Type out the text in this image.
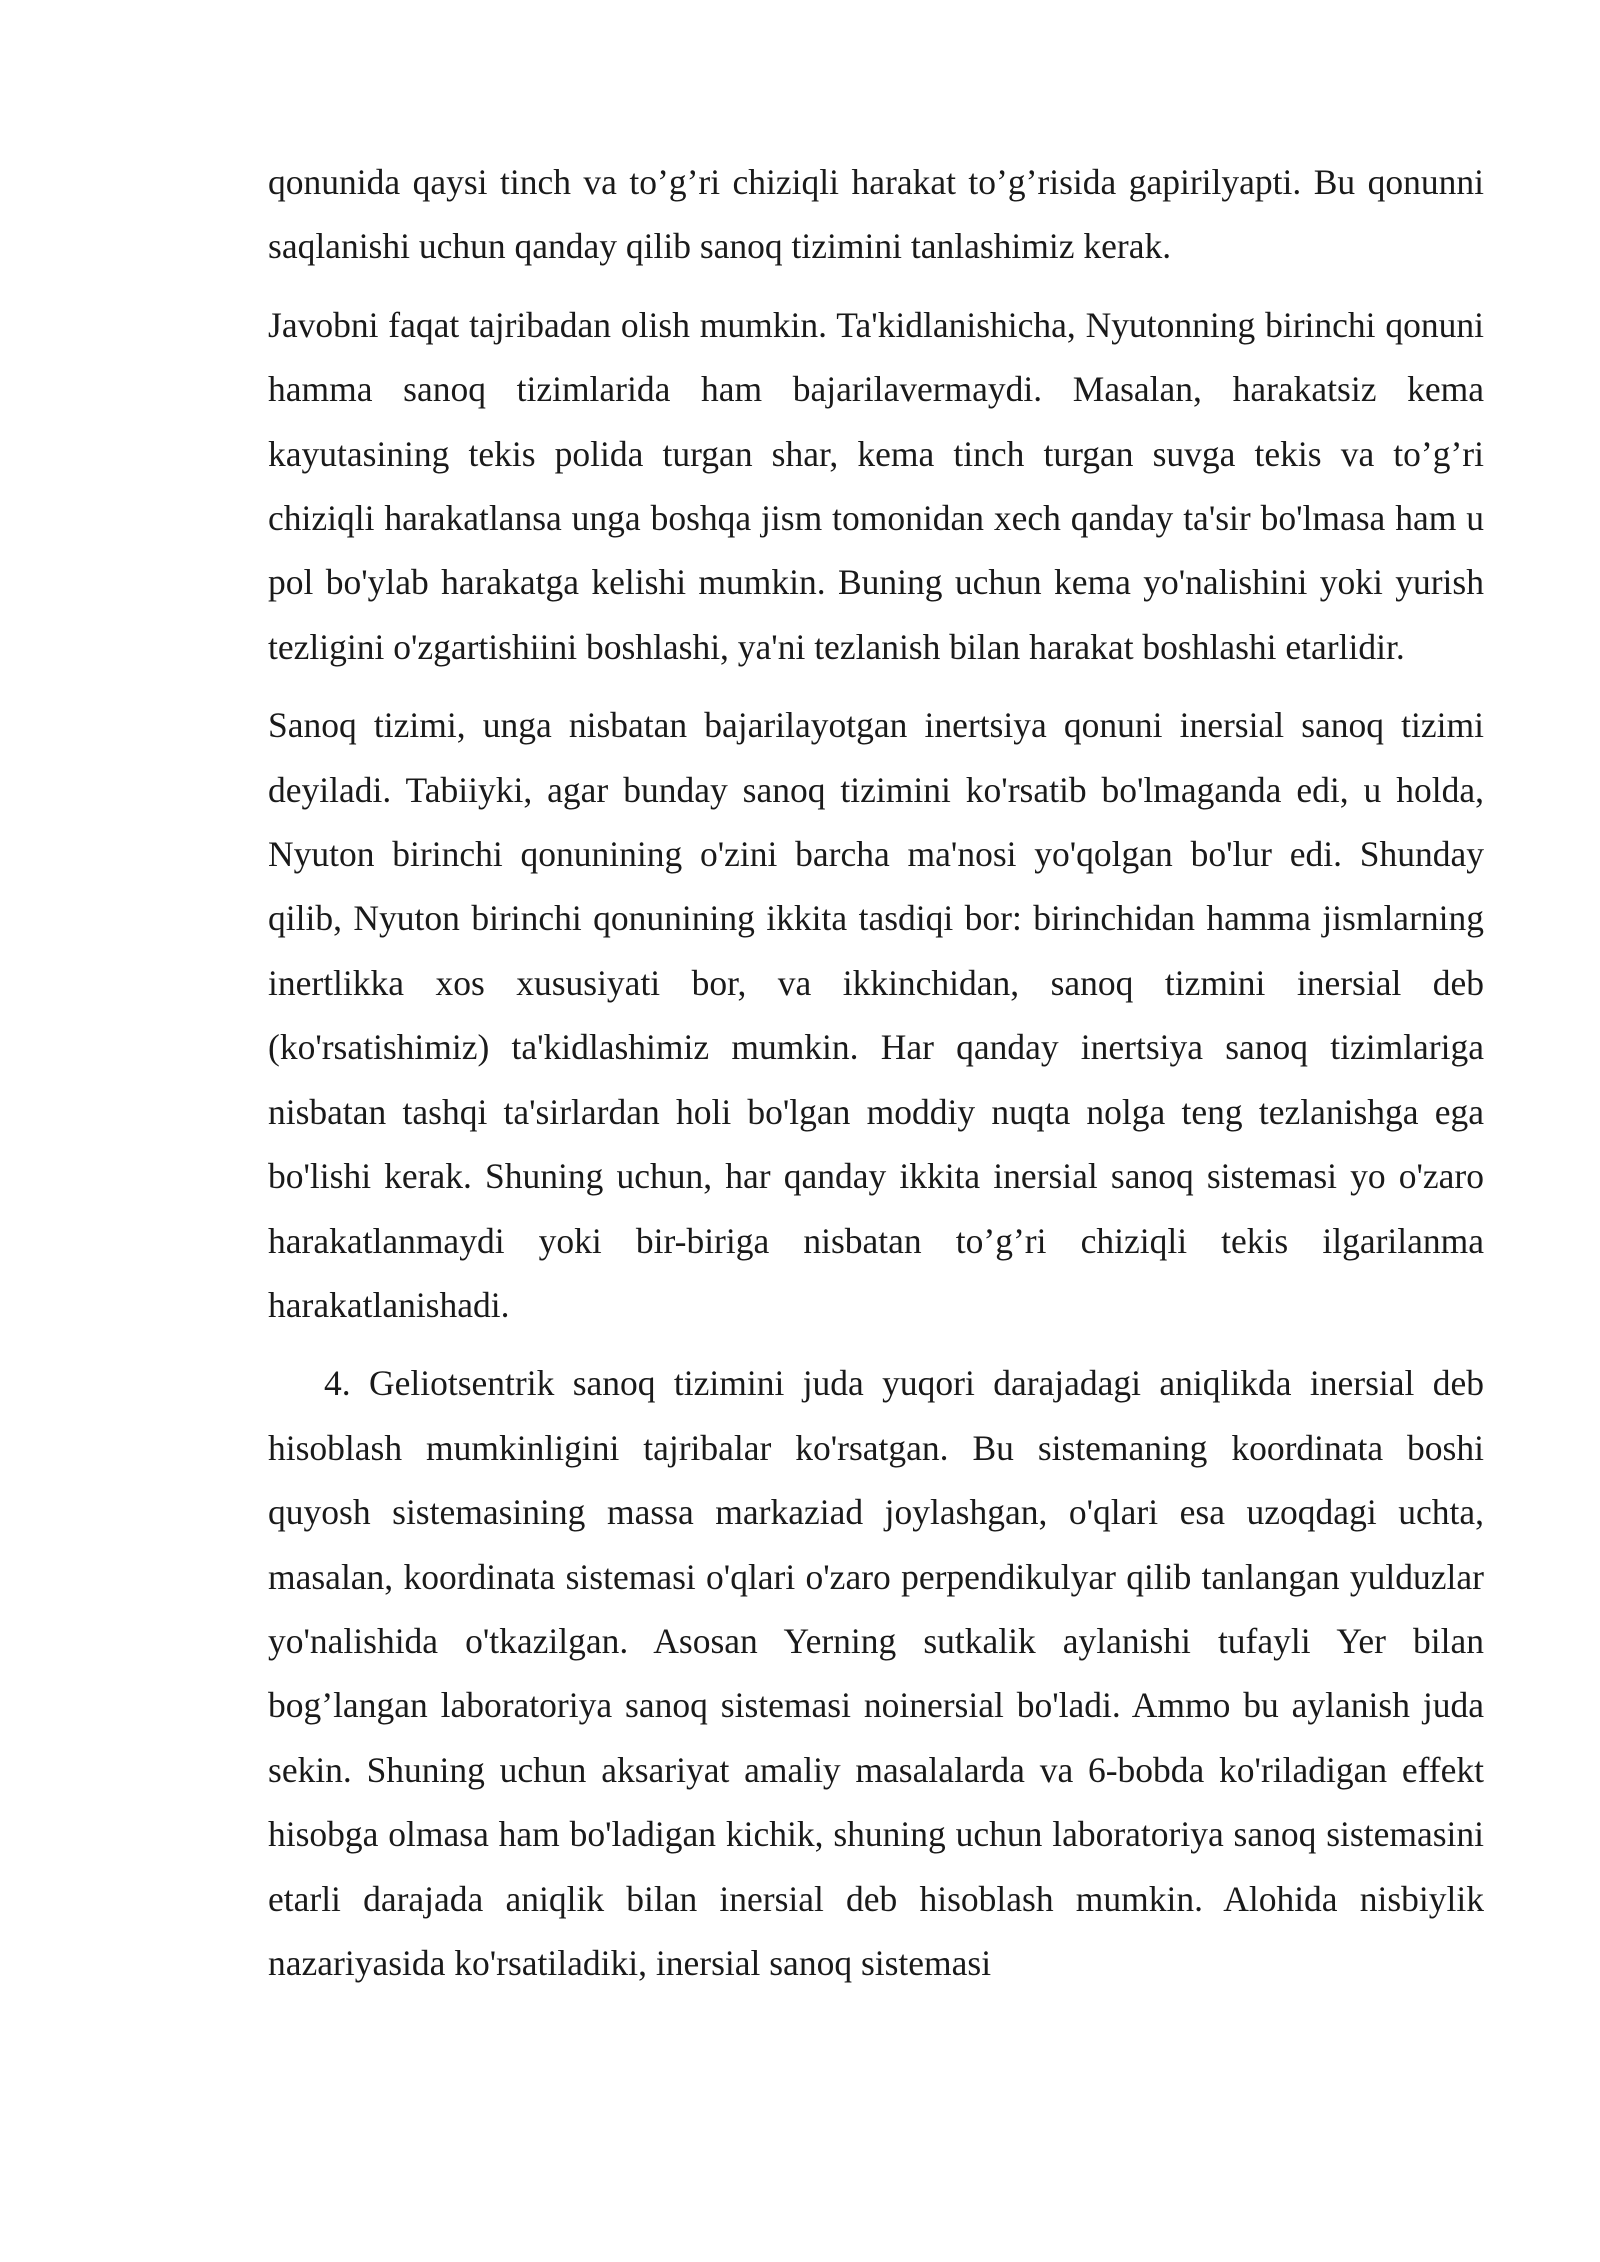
qonunida qaysi tinch va to’g’ri chiziqli harakat to’g’risida gapirilyapti. Bu qonunni saqlanishi uchun qanday qilib sanoq tizimini tanlashimiz kerak.

Javobni faqat tajribadan olish mumkin. Ta'kidlanishicha, Nyutonning birinchi qonuni hamma sanoq tizimlarida ham bajarilavermaydi. Masalan, harakatsiz kema kayutasining tekis polida turgan shar, kema tinch turgan suvga tekis va to’g’ri chiziqli harakatlansa unga boshqa jism tomonidan xech qanday ta'sir bo'lmasa ham u pol bo'ylab harakatga kelishi mumkin. Buning uchun kema yo'nalishini yoki yurish tezligini o'zgartishiini boshlashi, ya'ni tezlanish bilan harakat boshlashi etarlidir.

Sanoq tizimi, unga nisbatan bajarilayotgan inertsiya qonuni inersial sanoq tizimi deyiladi. Tabiiyki, agar bunday sanoq tizimini ko'rsatib bo'lmaganda edi, u holda, Nyuton birinchi qonunining o'zini barcha ma'nosi yo'qolgan bo'lur edi. Shunday qilib, Nyuton birinchi qonunining ikkita tasdiqi bor: birinchidan hamma jismlarning inertlikka xos xususiyati bor, va ikkinchidan, sanoq tizmini inersial deb (ko'rsatishimiz) ta'kidlashimiz mumkin. Har qanday inertsiya sanoq tizimlariga nisbatan tashqi ta'sirlardan holi bo'lgan moddiy nuqta nolga teng tezlanishga ega bo'lishi kerak. Shuning uchun, har qanday ikkita inersial sanoq sistemasi yo o'zaro harakatlanmaydi yoki bir-biriga nisbatan to’g’ri chiziqli tekis ilgarilanma harakatlanishadi.

4. Geliotsentrik sanoq tizimini juda yuqori darajadagi aniqlikda inersial deb hisoblash mumkinligini tajribalar ko'rsatgan. Bu sistemaning koordinata boshi quyosh sistemasining massa markaziad joylashgan, o'qlari esa uzoqdagi uchta, masalan, koordinata sistemasi o'qlari o'zaro perpendikulyar qilib tanlangan yulduzlar yo'nalishida o'tkazilgan. Asosan Yerning sutkalik aylanishi tufayli Yer bilan bog’langan laboratoriya sanoq sistemasi noinersial bo'ladi. Ammo bu aylanish juda sekin. Shuning uchun aksariyat amaliy masalalarda va 6-bobda ko'riladigan effekt hisobga olmasa ham bo'ladigan kichik, shuning uchun laboratoriya sanoq sistemasini etarli darajada aniqlik bilan inersial deb hisoblash mumkin. Alohida nisbiylik nazariyasida ko'rsatiladiki, inersial sanoq sistemasi
